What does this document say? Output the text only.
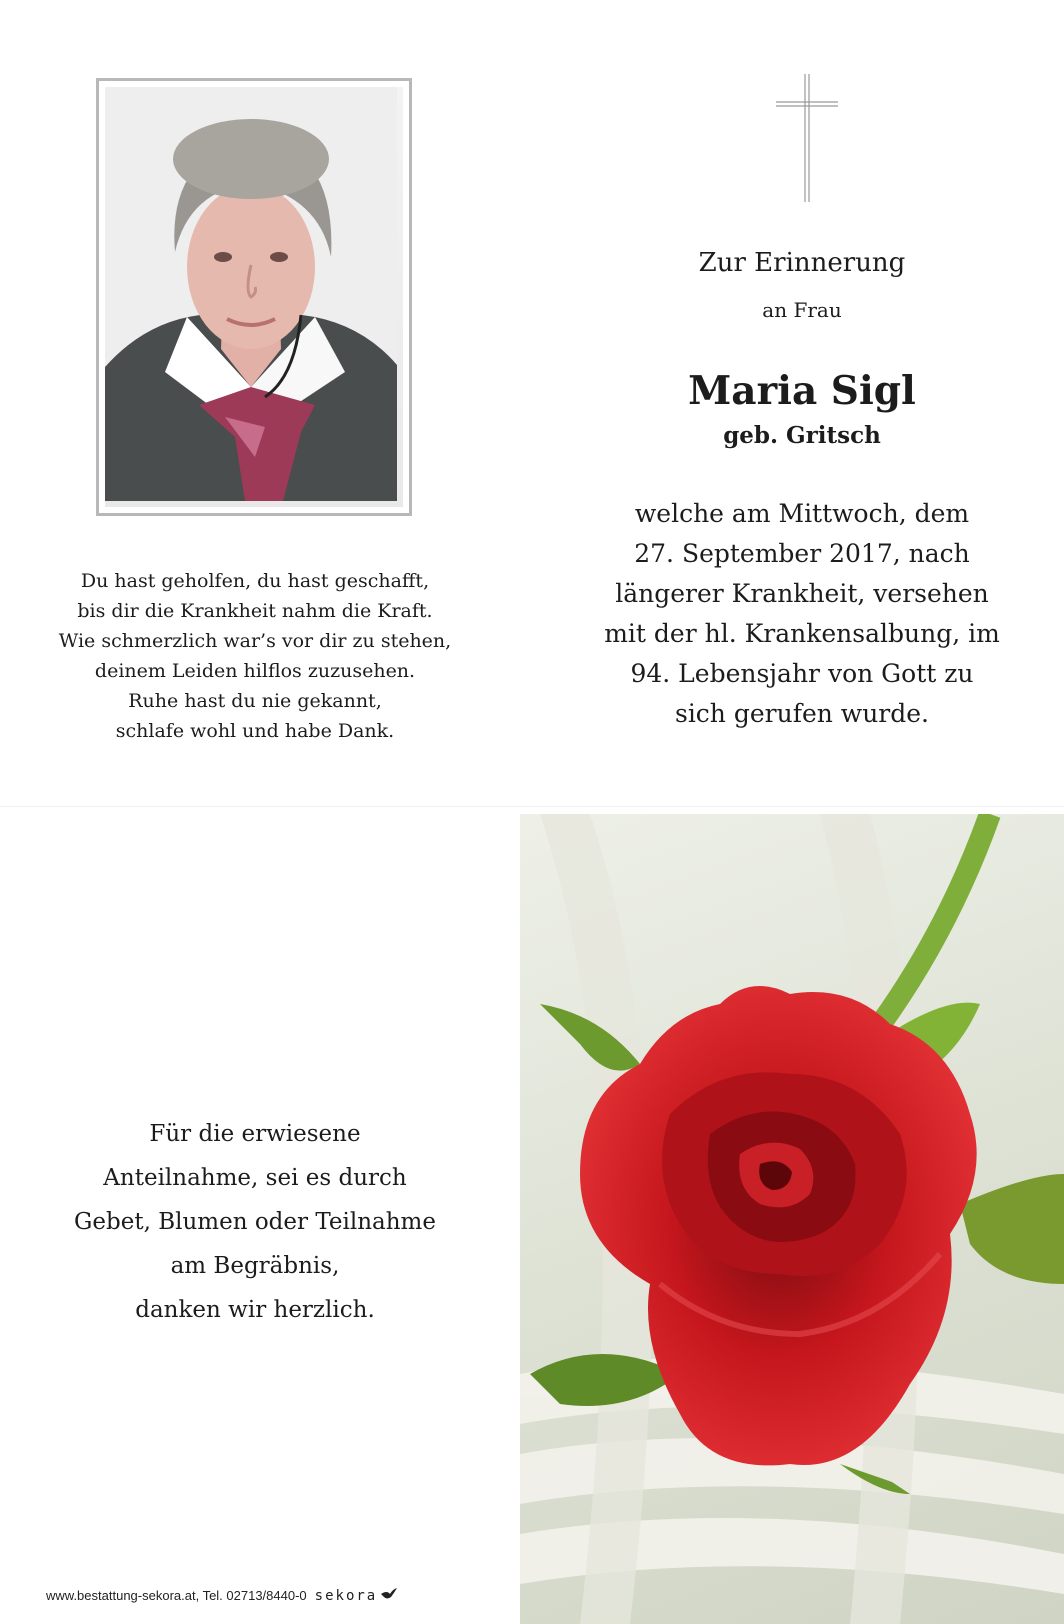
Du hast geholfen, du hast geschafft,
bis dir die Krankheit nahm die Kraft.
Wie schmerzlich war’s vor dir zu stehen,
deinem Leiden hilflos zuzusehen.
Ruhe hast du nie gekannt,
schlafe wohl und habe Dank.
Zur Erinnerung
an Frau
Maria Sigl
geb. Gritsch
welche am Mittwoch, dem
27. September 2017, nach
längerer Krankheit, versehen
mit der hl. Krankensalbung, im
94. Lebensjahr von Gott zu
sich gerufen wurde.
Für die erwiesene
Anteilnahme, sei es durch
Gebet, Blumen oder Teilnahme
am Begräbnis,
danken wir herzlich.
www.bestattung-sekora.at, Tel. 02713/8440-0 sekora
